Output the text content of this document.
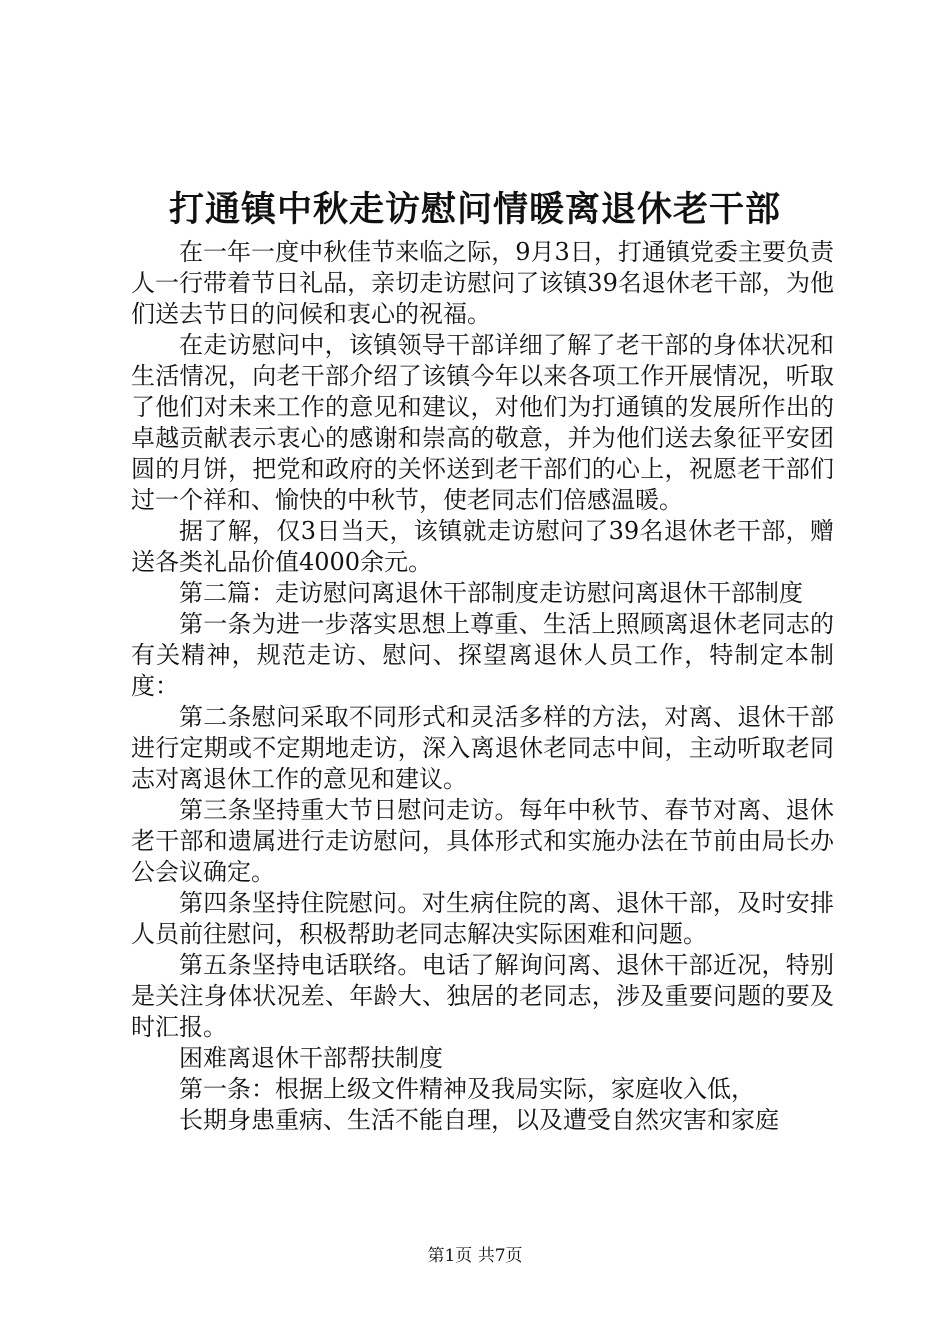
打通镇中秋走访慰问情暖离退休老干部

在一年一度中秋佳节来临之际，9月3日，打通镇党委主要负责人一行带着节日礼品，亲切走访慰问了该镇39名退休老干部，为他们送去节日的问候和衷心的祝福。

在走访慰问中，该镇领导干部详细了解了老干部的身体状况和生活情况，向老干部介绍了该镇今年以来各项工作开展情况，听取了他们对未来工作的意见和建议，对他们为打通镇的发展所作出的卓越贡献表示衷心的感谢和崇高的敬意，并为他们送去象征平安团圆的月饼，把党和政府的关怀送到老干部们的心上，祝愿老干部们过一个祥和、愉快的中秋节，使老同志们倍感温暖。

据了解，仅3日当天，该镇就走访慰问了39名退休老干部，赠送各类礼品价值4000余元。

第二篇：走访慰问离退休干部制度走访慰问离退休干部制度

第一条为进一步落实思想上尊重、生活上照顾离退休老同志的有关精神，规范走访、慰问、探望离退休人员工作，特制定本制度：

第二条慰问采取不同形式和灵活多样的方法，对离、退休干部进行定期或不定期地走访，深入离退休老同志中间，主动听取老同志对离退休工作的意见和建议。

第三条坚持重大节日慰问走访。每年中秋节、春节对离、退休老干部和遗属进行走访慰问，具体形式和实施办法在节前由局长办公会议确定。

第四条坚持住院慰问。对生病住院的离、退休干部，及时安排人员前往慰问，积极帮助老同志解决实际困难和问题。

第五条坚持电话联络。电话了解询问离、退休干部近况，特别是关注身体状况差、年龄大、独居的老同志，涉及重要问题的要及时汇报。

困难离退休干部帮扶制度

第一条：根据上级文件精神及我局实际，家庭收入低，

长期身患重病、生活不能自理，以及遭受自然灾害和家庭

第1页 共7页
